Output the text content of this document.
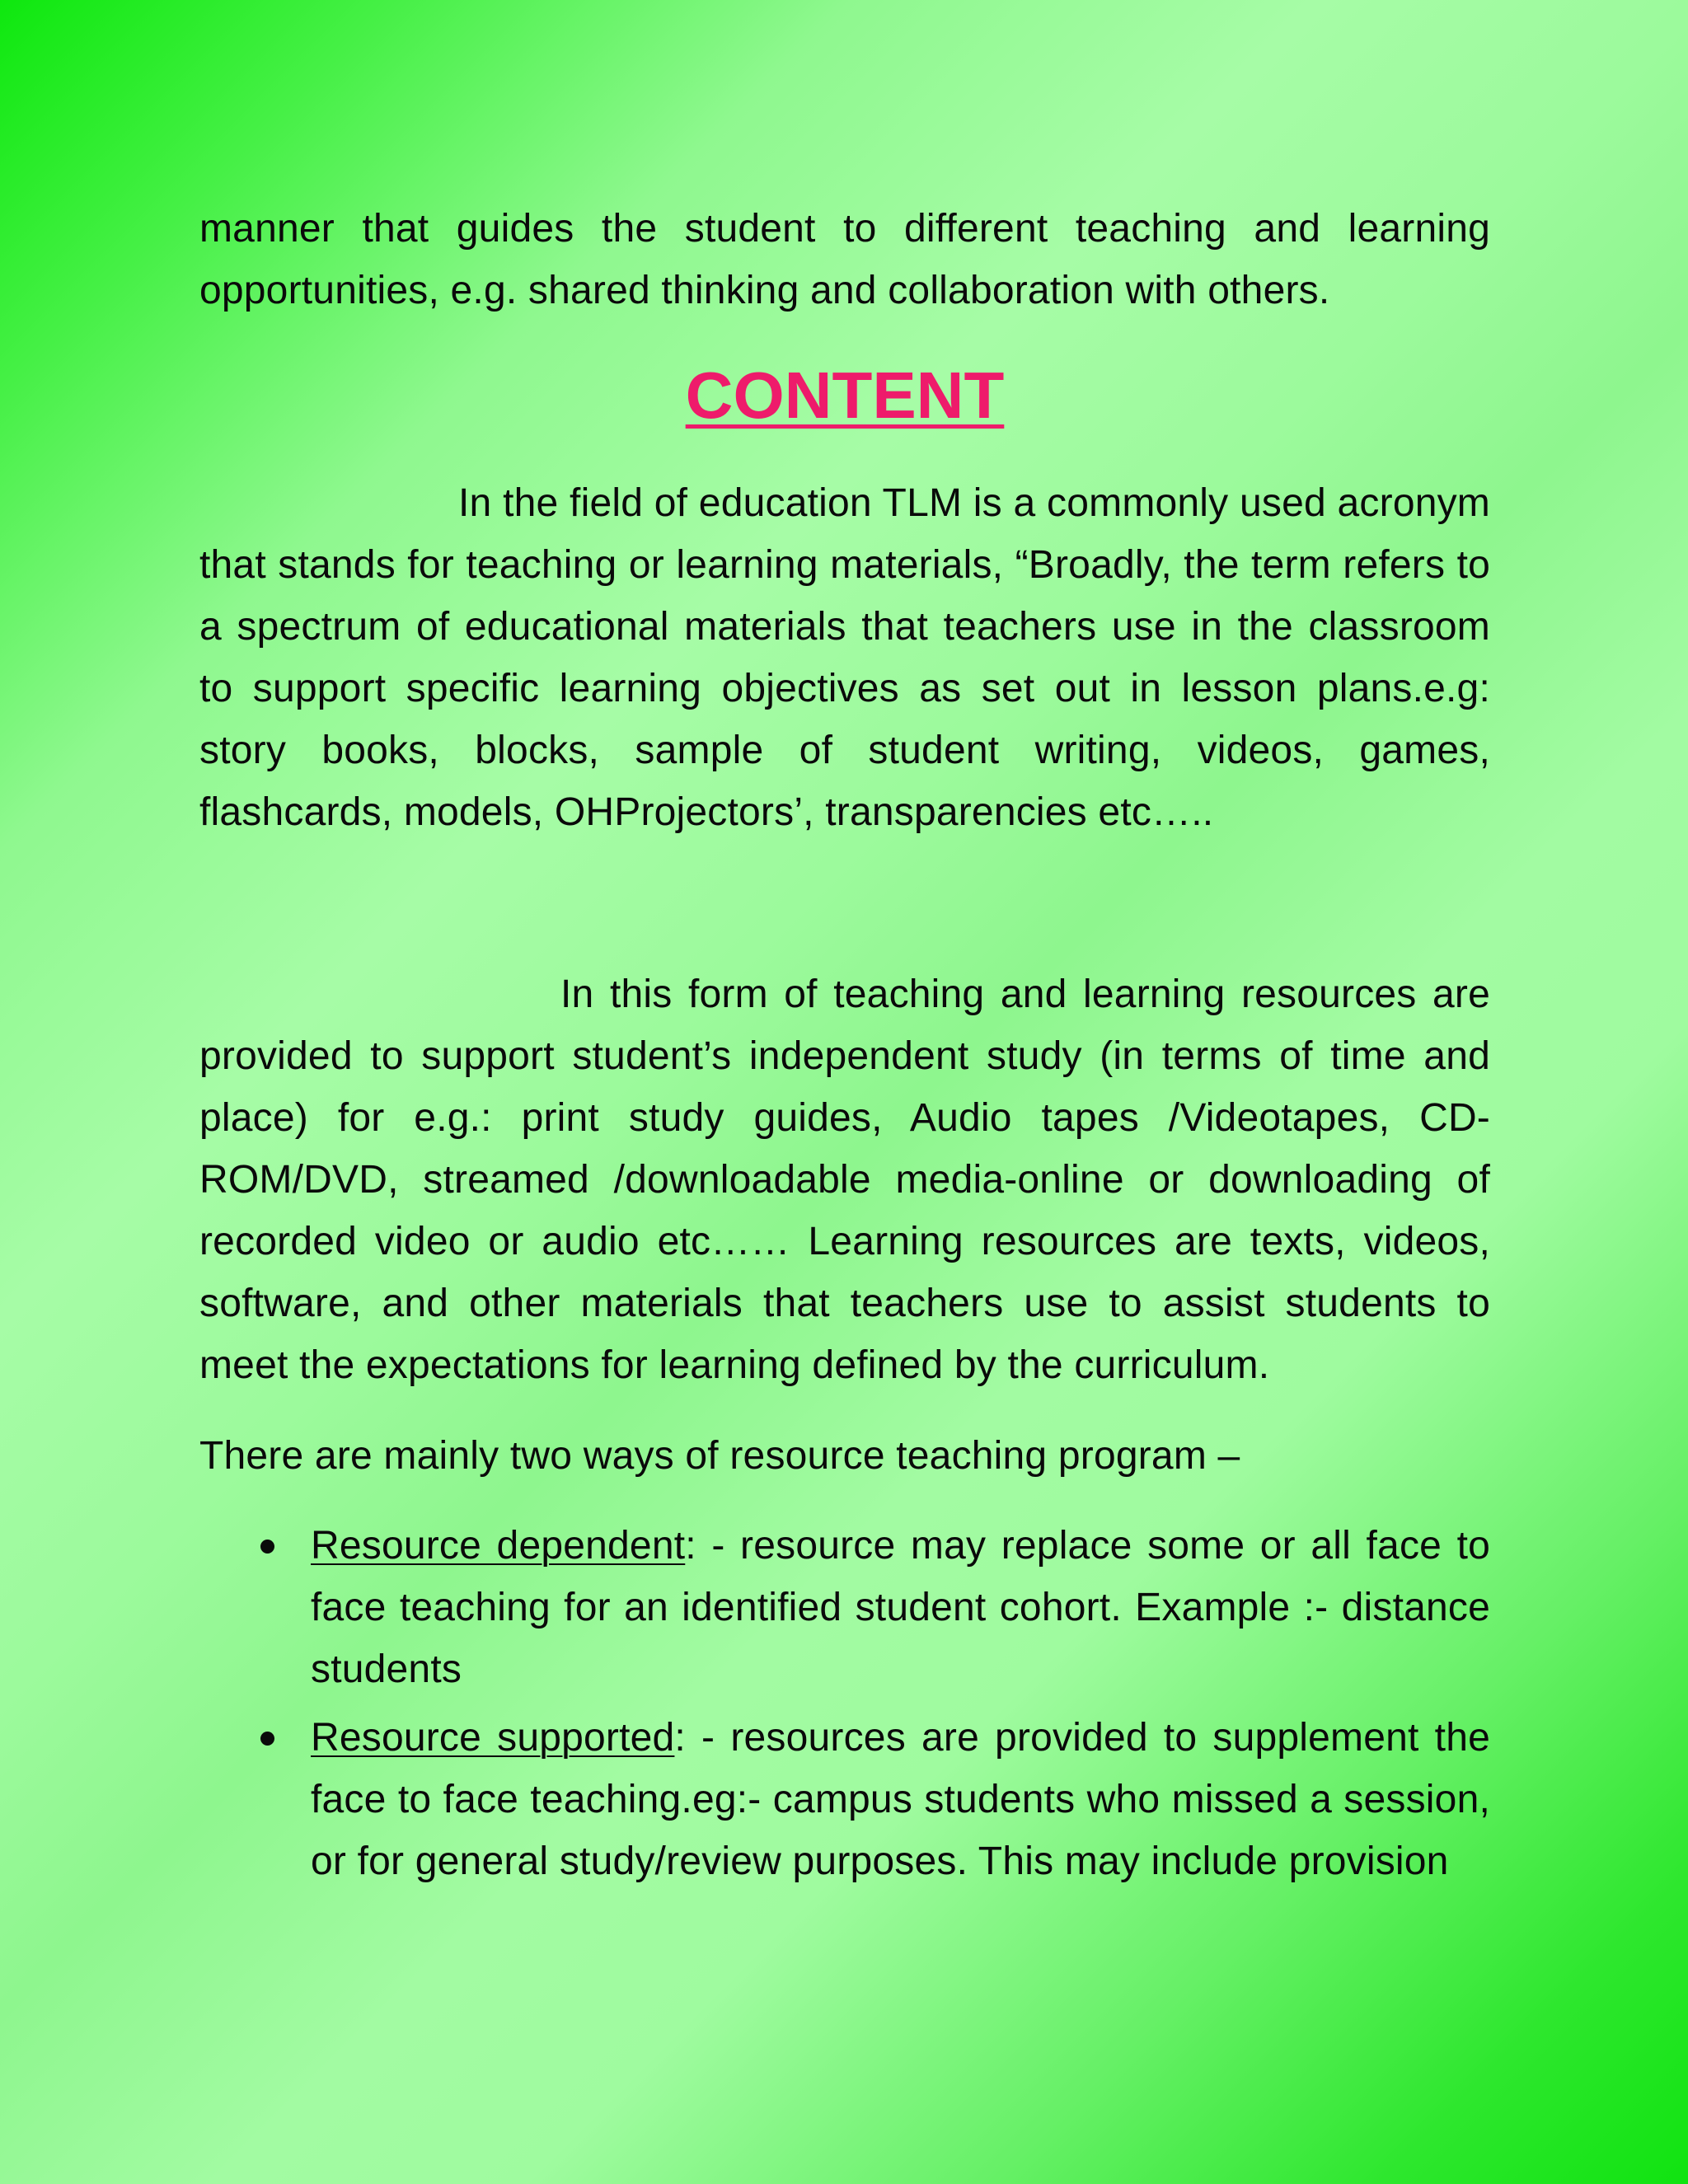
manner that guides the student to different teaching and learning opportunities, e.g. shared thinking and collaboration with others.

CONTENT

In the field of education TLM is a commonly used acronym that stands for teaching or learning materials, “Broadly, the term refers to a spectrum of educational materials that teachers use in the classroom to support specific learning objectives as set out in lesson plans.e.g: story books, blocks, sample of student writing, videos, games, flashcards, models, OHProjectors’, transparencies etc…..

In this form of teaching and learning resources are provided to support student’s independent study (in terms of time and place) for e.g.: print study guides, Audio tapes /Videotapes, CD-ROM/DVD, streamed /downloadable media-online or downloading of recorded video or audio etc…… Learning resources are texts, videos, software, and other materials that teachers use to assist students to meet the expectations for learning defined by the curriculum.

There are mainly two ways of resource teaching program –

Resource dependent: - resource may replace some or all face to face teaching for an identified student cohort. Example :- distance students

Resource supported: - resources are provided to supplement the face to face teaching.eg:- campus students who missed a session, or for general study/review purposes. This may include provision
